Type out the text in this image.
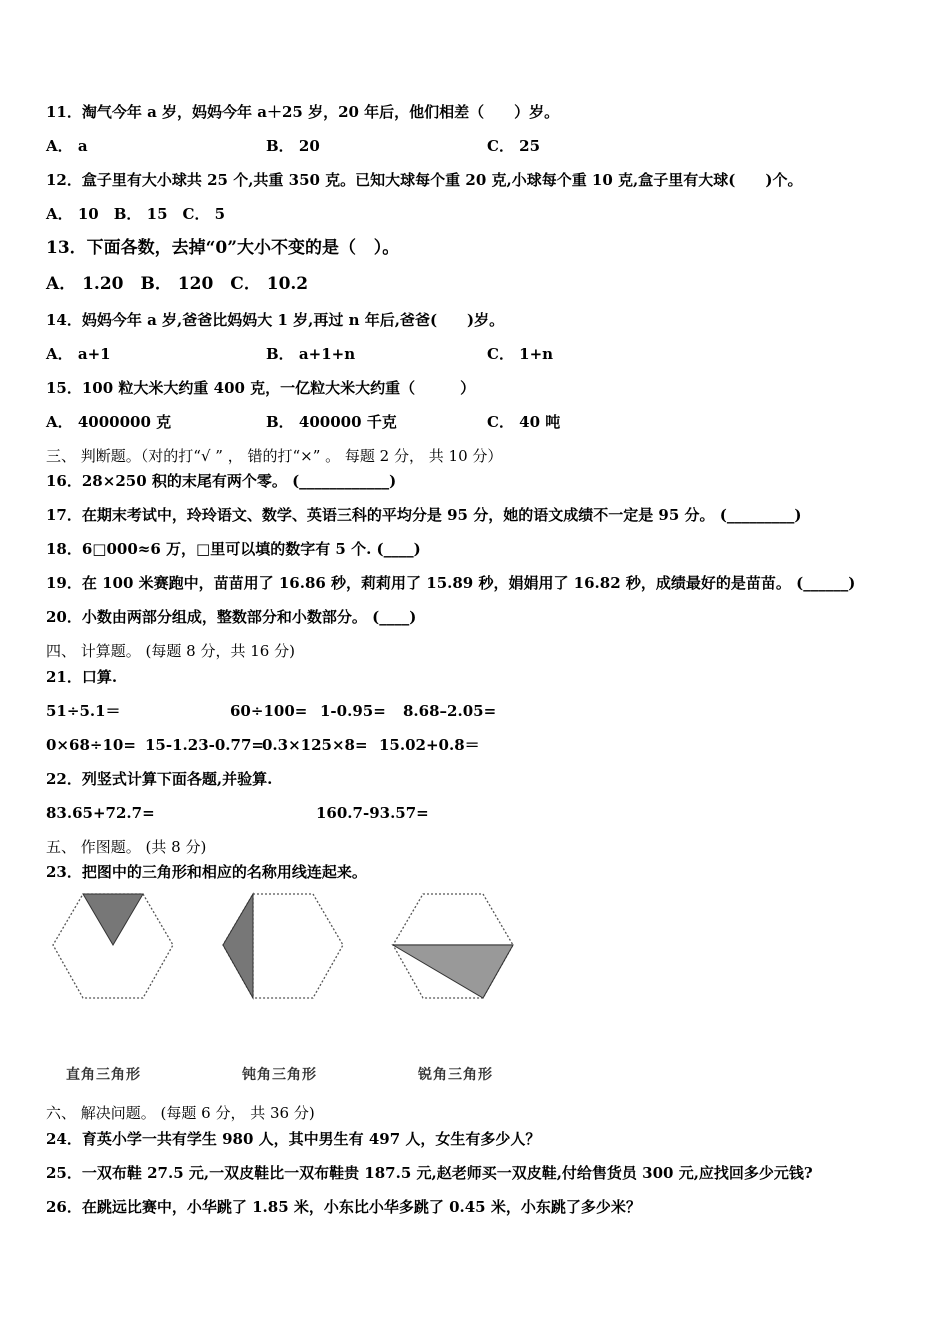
11．淘气今年 a 岁，妈妈今年 a＋25 岁，20 年后，他们相差（　　）岁。
A． a	B． 20	C． 25
12．盒子里有大小球共 25 个,共重 350 克。已知大球每个重 20 克,小球每个重 10 克,盒子里有大球(　　)个。
A． 10　B． 15　C． 5
13．下面各数，去掉“0”大小不变的是（   ）。
A． 1.20　B． 120　C． 10.2
14．妈妈今年 a 岁,爸爸比妈妈大 1 岁,再过 n 年后,爸爸(　　)岁。
A． a+1	B． a+1+n	C． 1+n
15．100 粒大米大约重 400 克，一亿粒大米大约重（　　　）
A． 4000000 克	B． 400000 千克	C． 40 吨
三、 判断题。（对的打“√ ” ， 错的打“×” 。 每题 2 分， 共 10 分）
16．28×250 积的末尾有两个零。 (____________)
17．在期末考试中，玲玲语文、数学、英语三科的平均分是 95 分，她的语文成绩不一定是 95 分。 (_________)
18．6□000≈6 万，□里可以填的数字有 5 个. (____)
19．在 100 米赛跑中，苗苗用了 16.86 秒，莉莉用了 15.89 秒，娟娟用了 16.82 秒，成绩最好的是苗苗。 (______)
20．小数由两部分组成，整数部分和小数部分。 (____)
四、 计算题。 (每题 8 分，共 16 分)
21．口算.
51÷5.1＝	60÷100= 1-0.95= 8.68–2.05=
0×68÷10= 15-1.23-0.77=
0.3×125×8= 15.02+0.8＝
22．列竖式计算下面各题,并验算.
83.65+72.7=	160.7-93.57=
五、 作图题。 (共 8 分)
23．把图中的三角形和相应的名称用线连起来。
直角三角形	钝角三角形	锐角三角形
六、 解决问题。 (每题 6 分， 共 36 分)
24．育英小学一共有学生 980 人，其中男生有 497 人，女生有多少人？
25．一双布鞋 27.5 元,一双皮鞋比一双布鞋贵 187.5 元,赵老师买一双皮鞋,付给售货员 300 元,应找回多少元钱?
26．在跳远比赛中，小华跳了 1.85 米，小东比小华多跳了 0.45 米，小东跳了多少米？
